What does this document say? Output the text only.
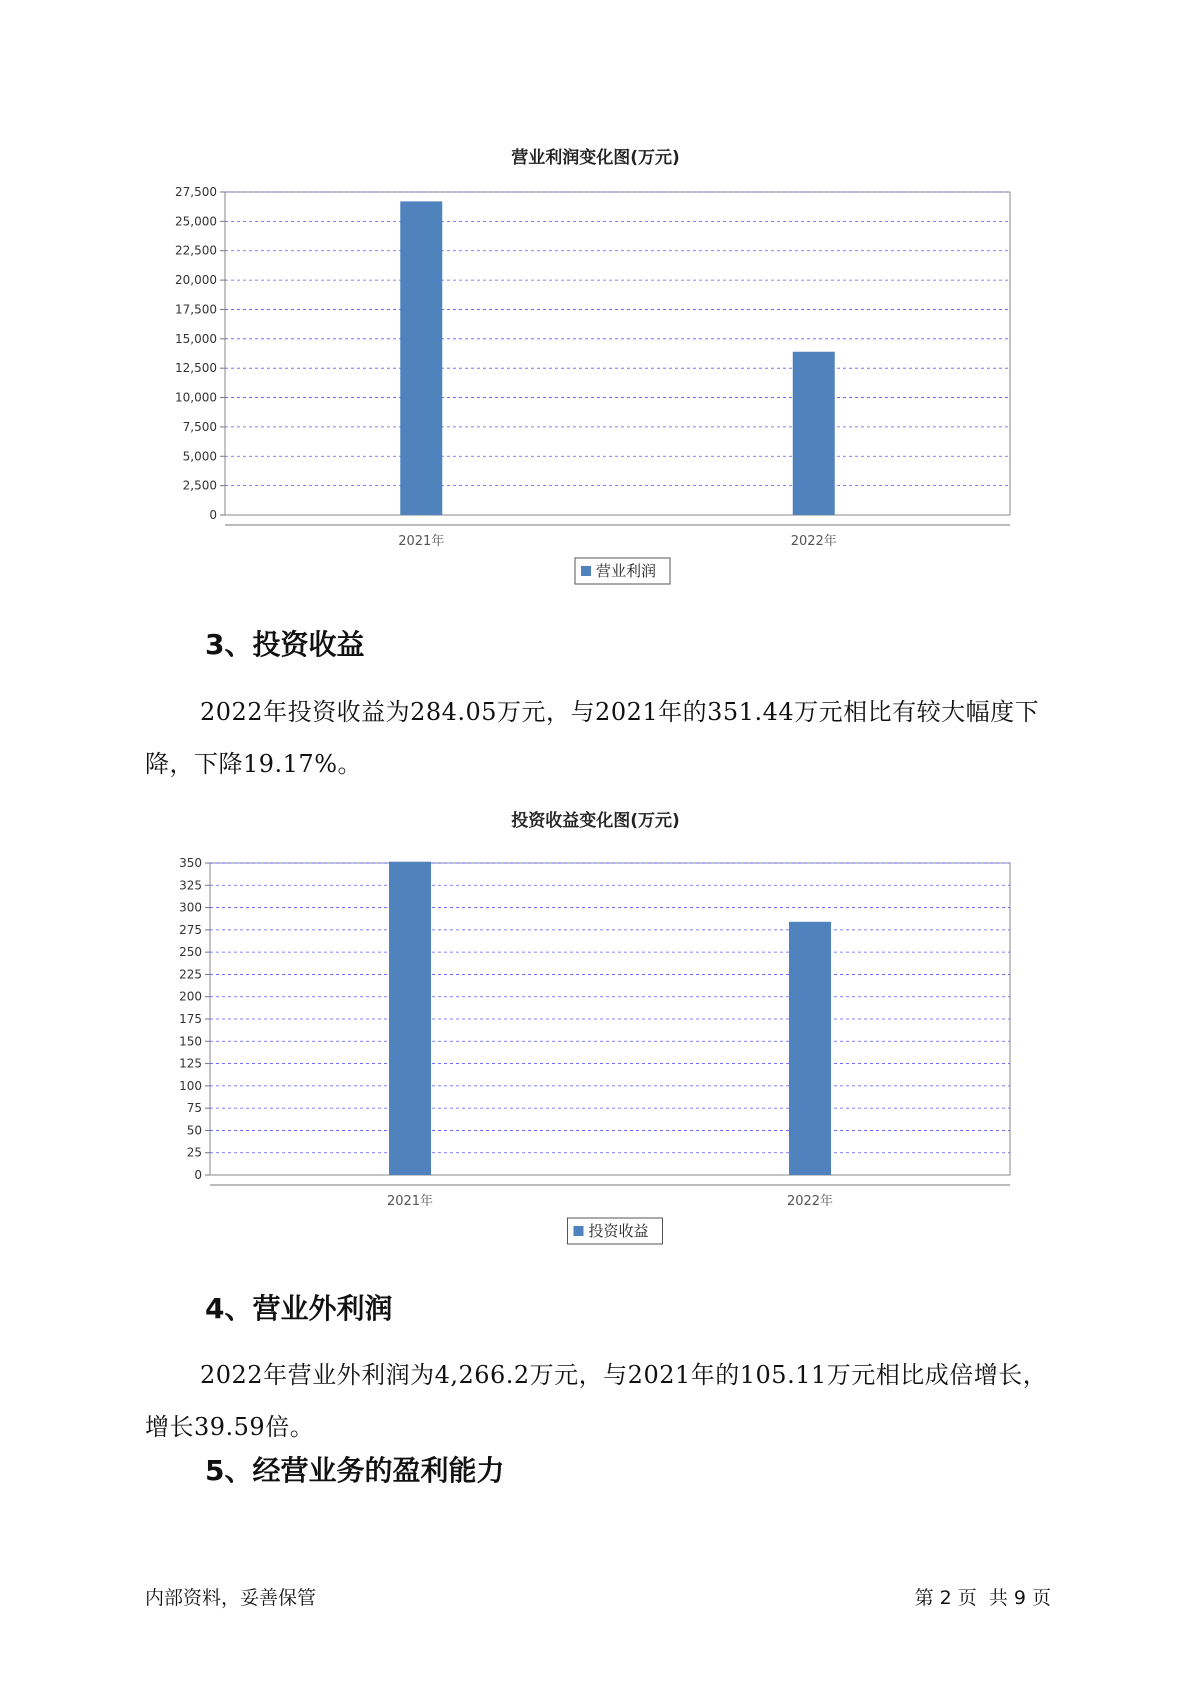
营业利润变化图(万元)
0
2,500
5,000
7,500
10,000
12,500
15,000
17,500
20,000
22,500
25,000
27,500
2021年	2022年
营业利润
3、投资收益

2022年投资收益为284.05万元，与2021年的351.44万元相比有较大幅度下降，下降19.17%。

投资收益变化图(万元)
0
25
50
75
100
125
150
175
200
225
250
275
300
325
350
2021年	2022年
投资收益
4、营业外利润

2022年营业外利润为4,266.2万元，与2021年的105.11万元相比成倍增长，增长39.59倍。

5、经营业务的盈利能力
内部资料，妥善保管	第 2 页  共 9 页
